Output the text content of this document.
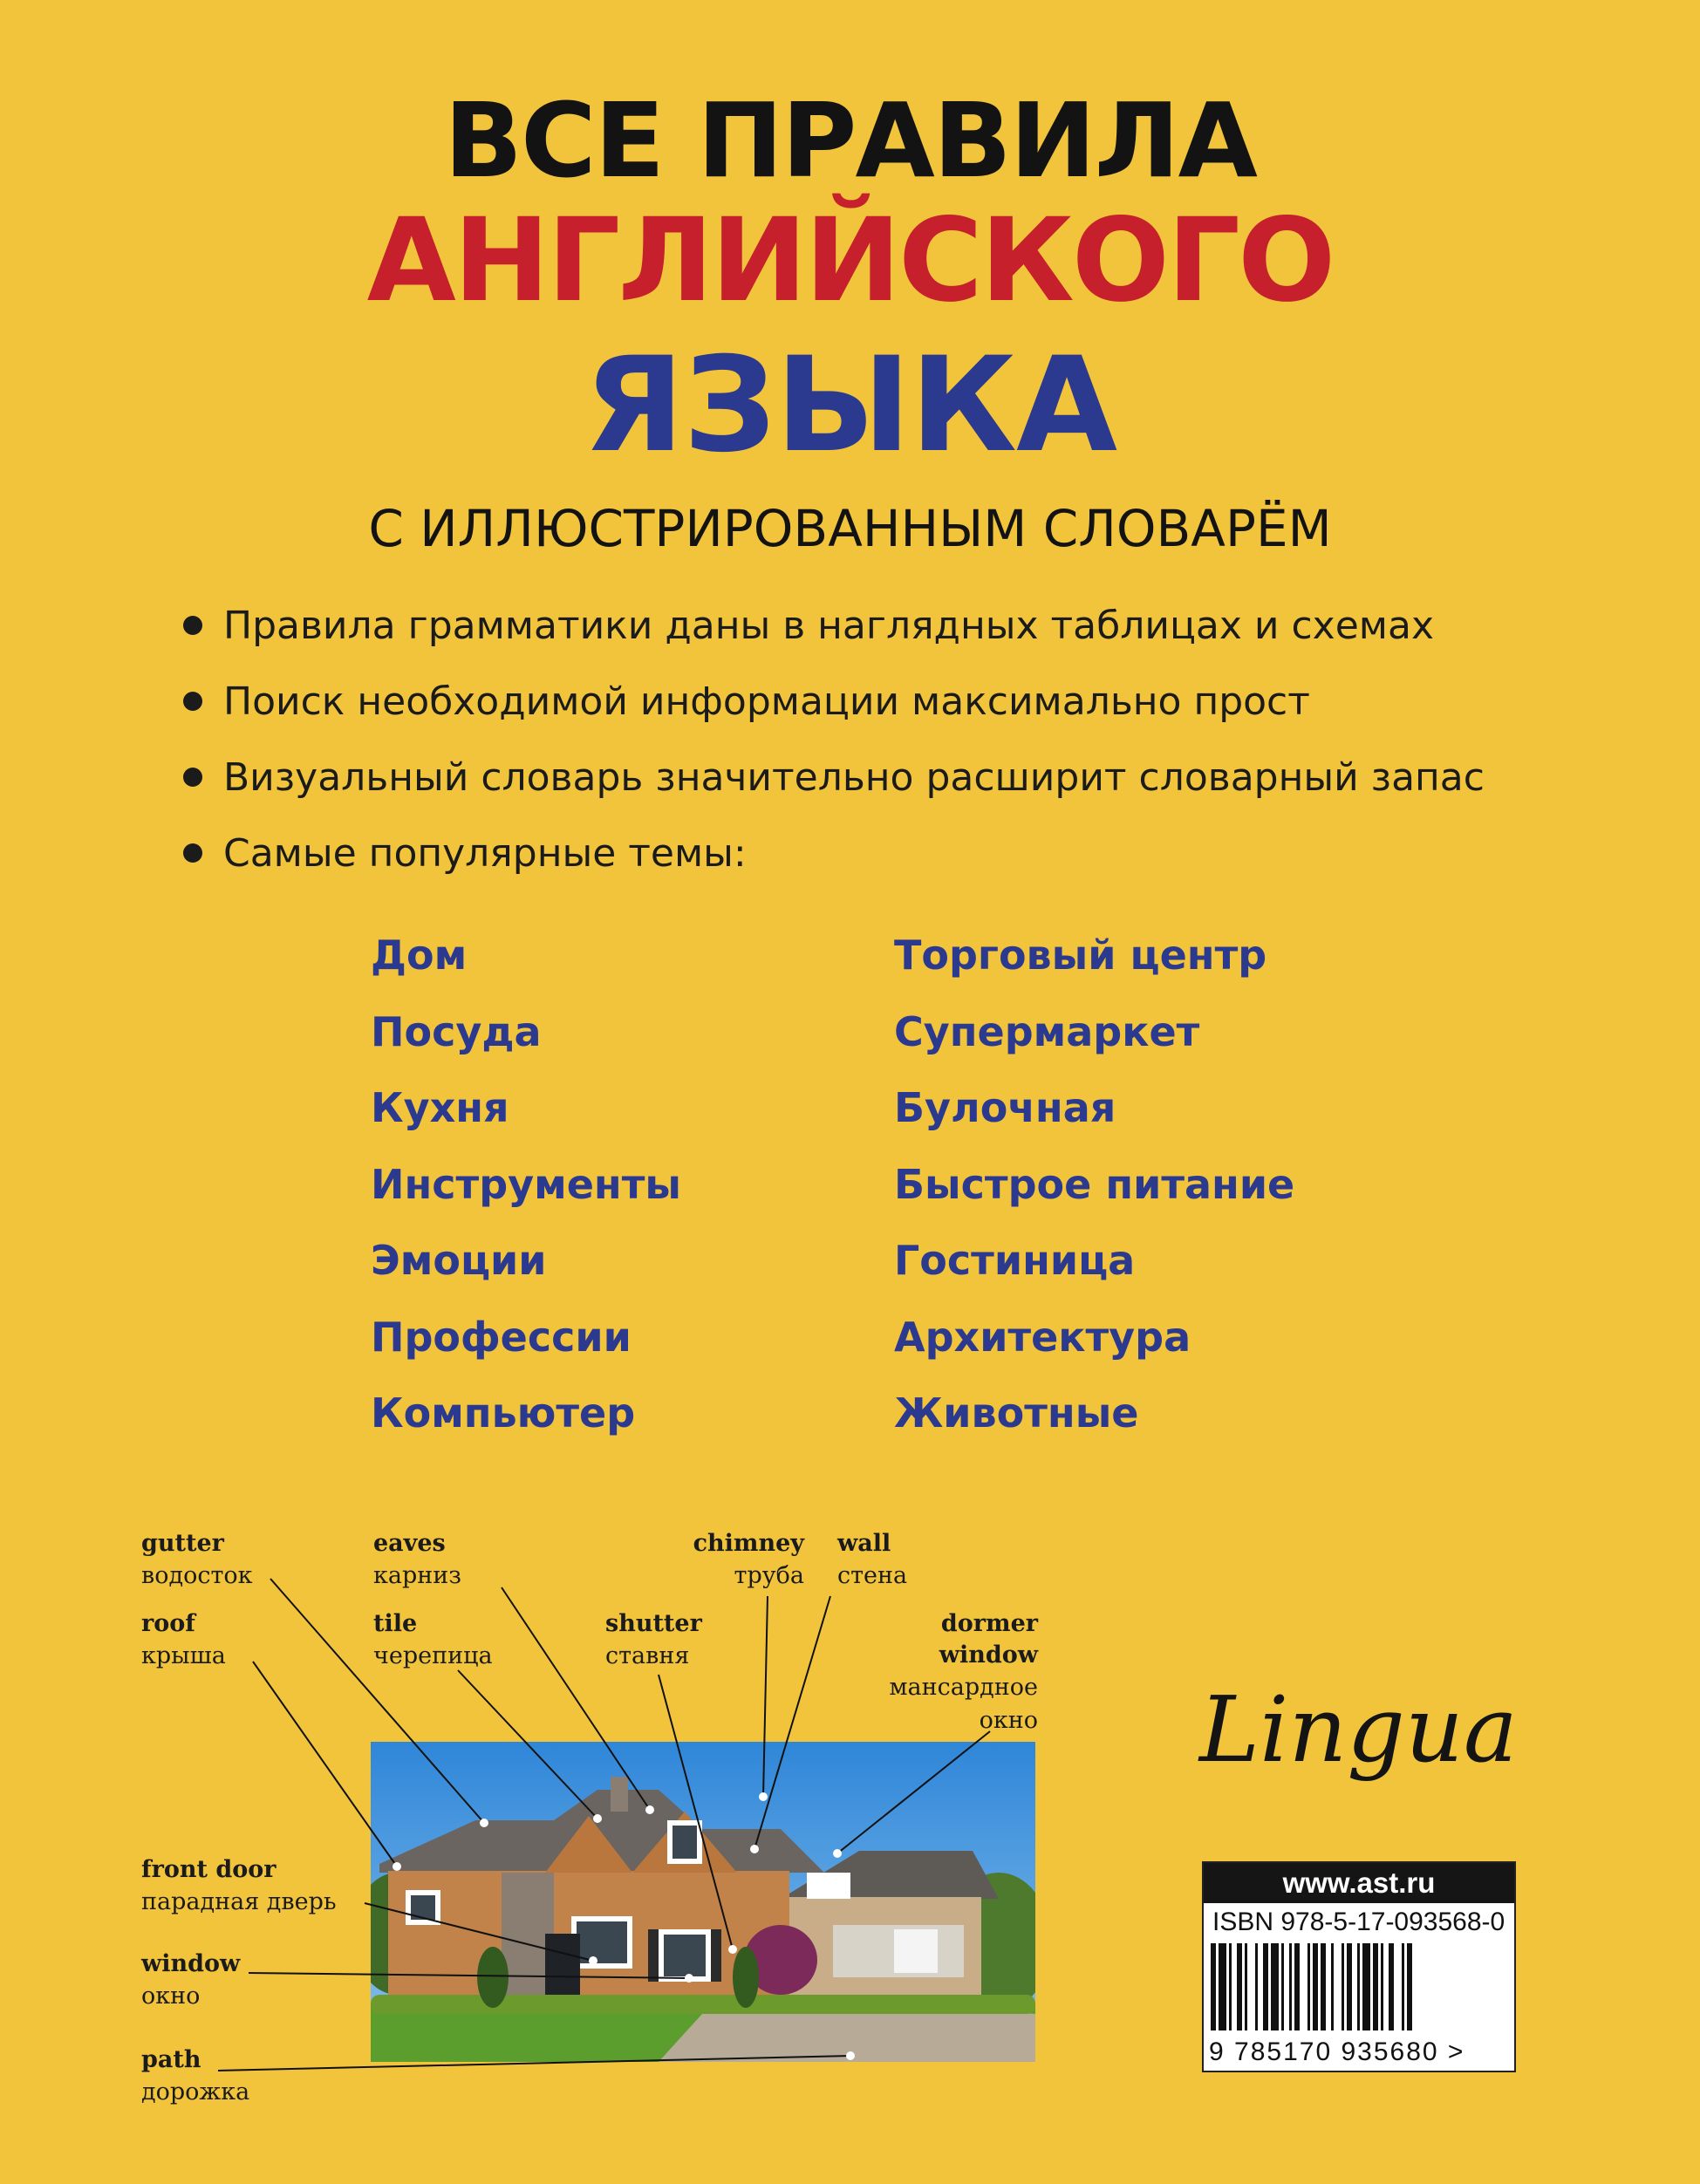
ВСЕ ПРАВИЛА
АНГЛИЙСКОГО
ЯЗЫКА
С ИЛЛЮСТРИРОВАННЫМ СЛОВАРЁМ
Правила грамматики даны в наглядных таблицах и схемах
Поиск необходимой информации максимально прост
Визуальный словарь значительно расширит словарный запас
Самые популярные темы:
Дом
Посуда
Кухня
Инструменты
Эмоции
Профессии
Компьютер
Торговый центр
Супермаркет
Булочная
Быстрое питание
Гостиница
Архитектура
Животные
gutter
водосток
roof
крыша
eaves
карниз
tile
черепица
chimney
труба
wall
стена
shutter
ставня
dormer
window
мансардное
окно
front door
парадная дверь
window
окно
path
дорожка
Lingua
www.ast.ru
ISBN 978-5-17-093568-0
9 785170 935680 >
